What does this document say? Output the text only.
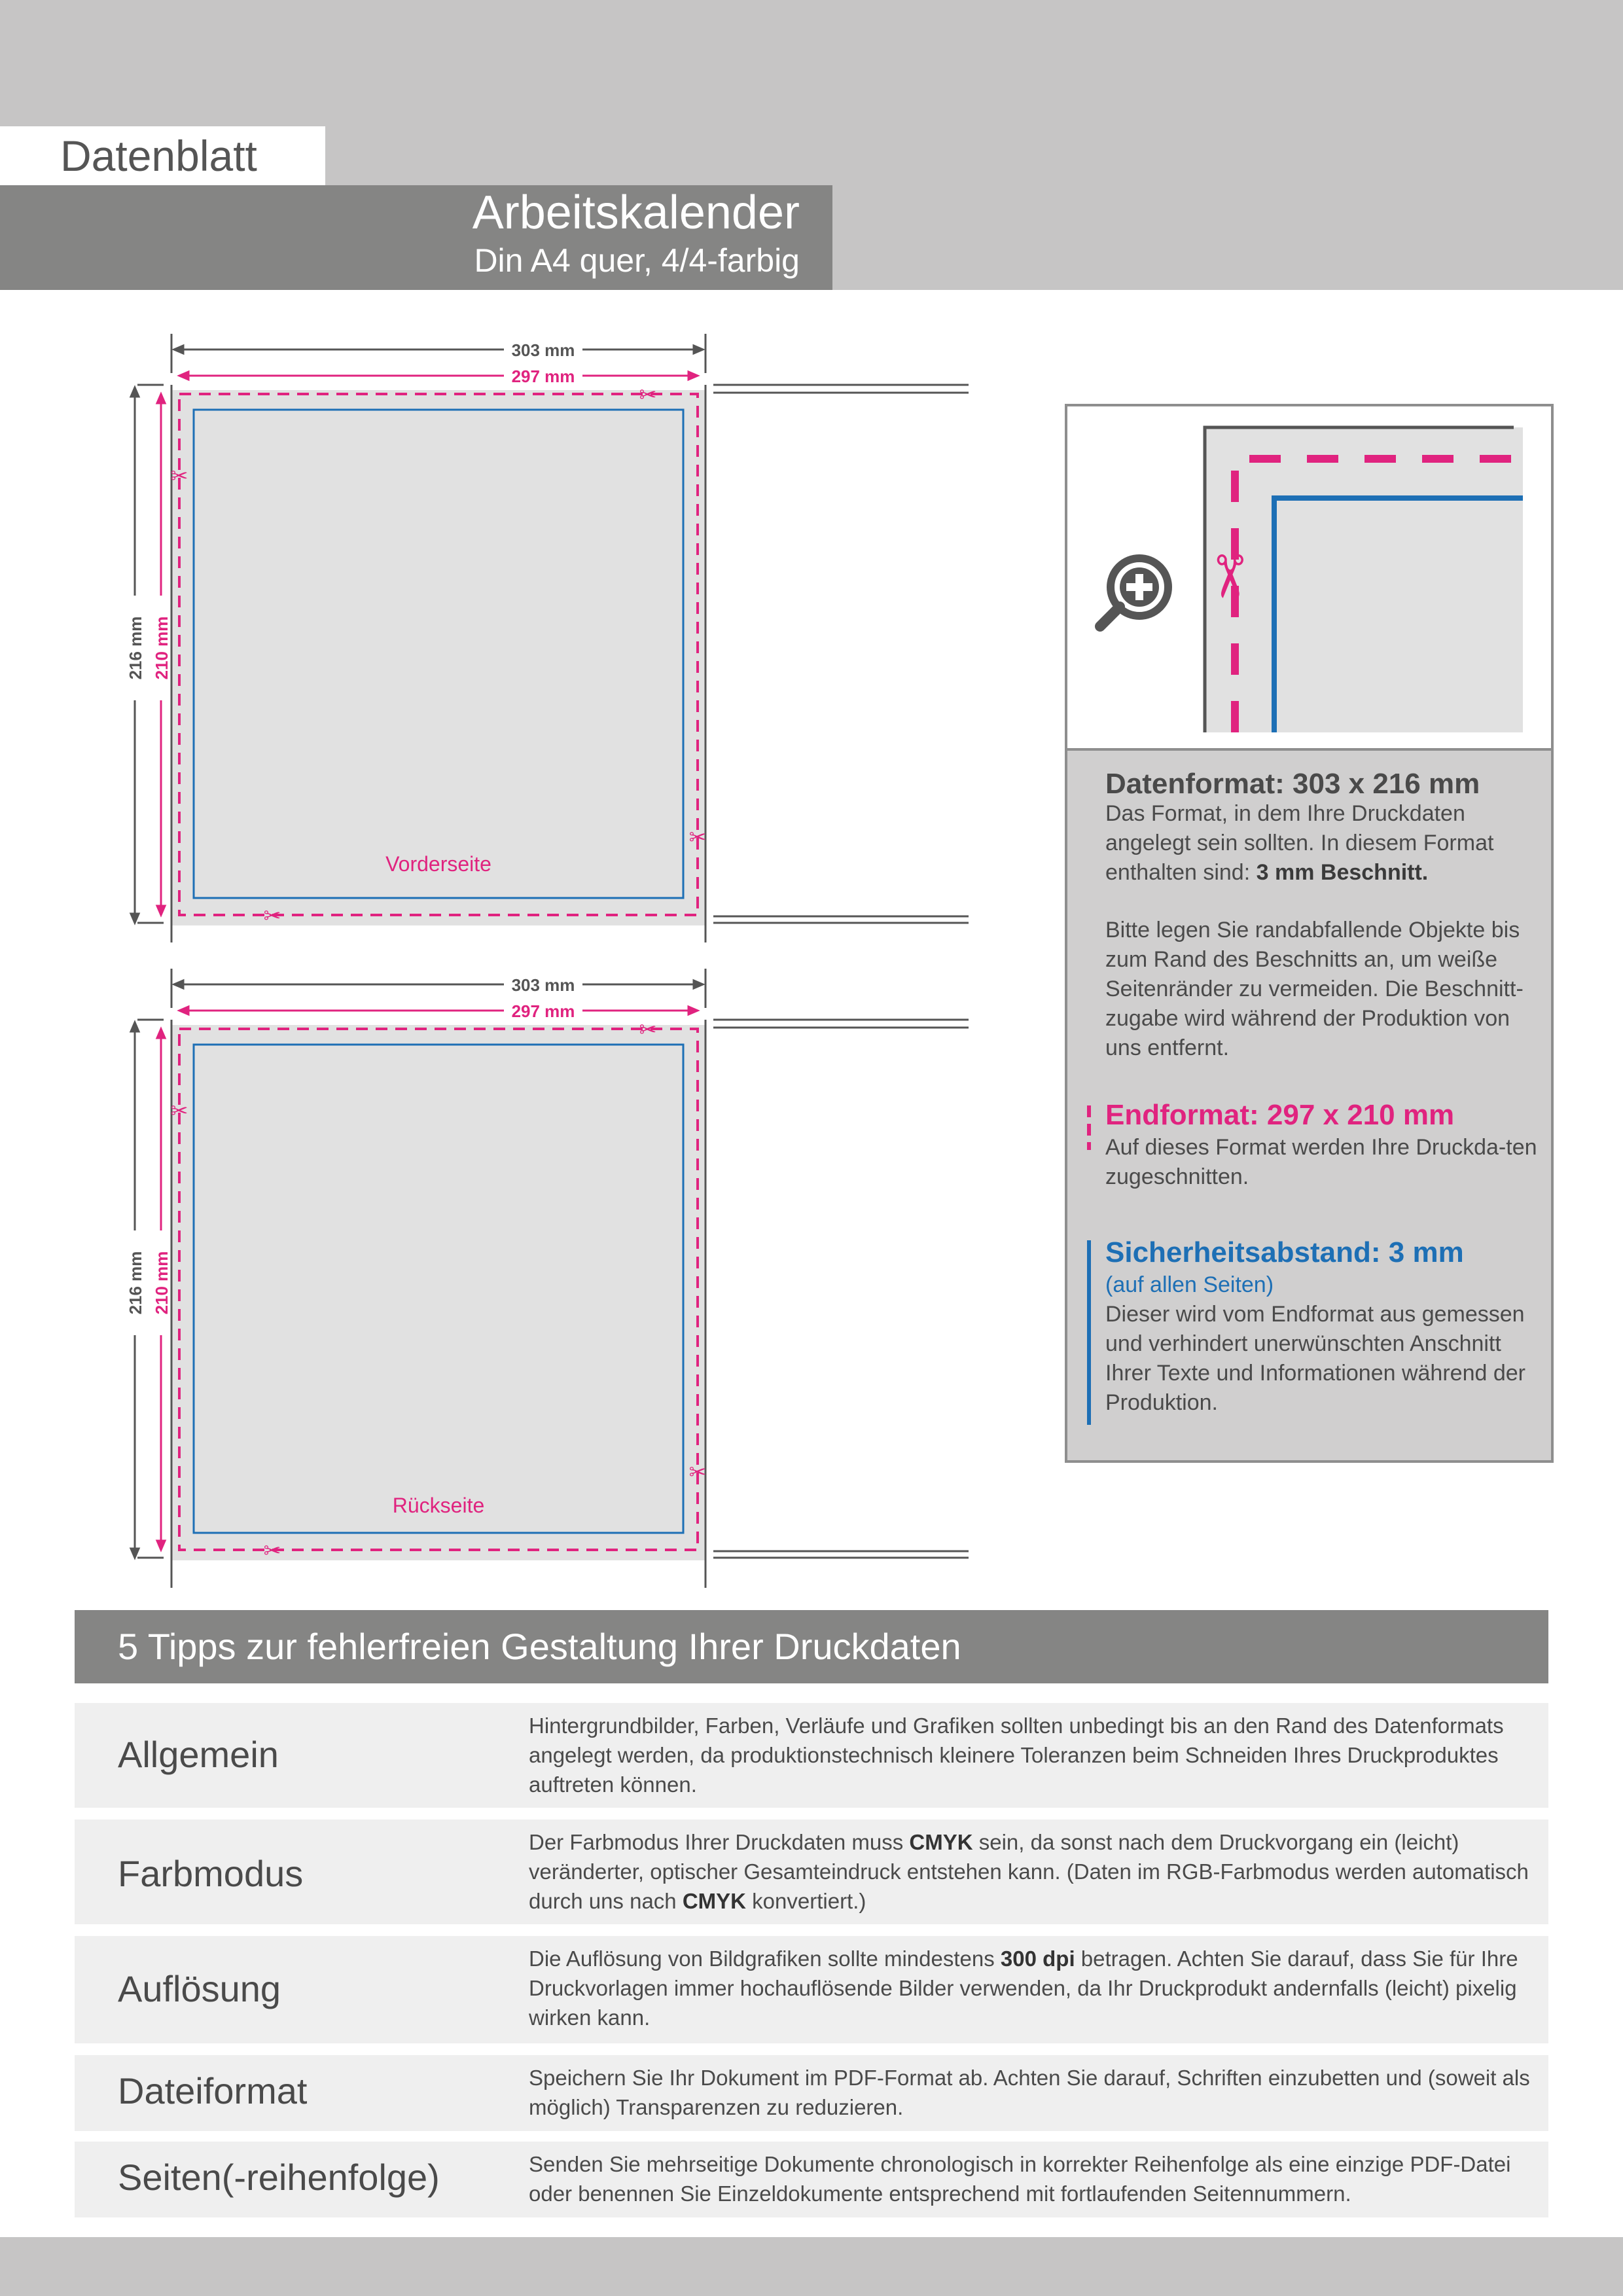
Datenblatt
Arbeitskalender
Din A4 quer, 4/4-farbig
303 mm
297 mm
216 mm 210 mm
✂
✂
✂
✂
Vorderseite
303 mm
297 mm
216 mm 210 mm
✂
✂
✂
✂
Rückseite
✂
Datenformat: 303 x 216 mm
Das Format, in dem Ihre Druckdaten angelegt sein sollten. In diesem Format enthalten sind: 3 mm Beschnitt.
Bitte legen Sie randabfallende Objekte bis zum Rand des Beschnitts an, um weiße Seitenränder zu vermeiden. Die Beschnitt-zugabe wird während der Produktion von uns entfernt.
Endformat: 297 x 210 mm
Auf dieses Format werden Ihre Druckda-ten zugeschnitten.
Sicherheitsabstand: 3 mm
(auf allen Seiten)
Dieser wird vom Endformat aus gemessen und verhindert unerwünschten Anschnitt Ihrer Texte und Informationen während der Produktion.
5 Tipps zur fehlerfreien Gestaltung Ihrer Druckdaten
Allgemein
Hintergrundbilder, Farben, Verläufe und Grafiken sollten unbedingt bis an den Rand des Datenformats angelegt werden, da produktionstechnisch kleinere Toleranzen beim Schneiden Ihres Druckproduktes auftreten können.
Farbmodus
Der Farbmodus Ihrer Druckdaten muss CMYK sein, da sonst nach dem Druckvorgang ein (leicht) veränderter, optischer Gesamteindruck entstehen kann. (Daten im RGB-Farbmodus werden automatisch durch uns nach CMYK konvertiert.)
Auflösung
Die Auflösung von Bildgrafiken sollte mindestens 300 dpi betragen. Achten Sie darauf, dass Sie für Ihre Druckvorlagen immer hochauflösende Bilder verwenden, da Ihr Druckprodukt andernfalls (leicht) pixelig wirken kann.
Dateiformat	Speichern Sie Ihr Dokument im PDF-Format ab. Achten Sie darauf, Schriften einzubetten und (soweit als möglich) Transparenzen zu reduzieren.
Seiten(-reihenfolge)	Senden Sie mehrseitige Dokumente chronologisch in korrekter Reihenfolge als eine einzige PDF-Datei oder benennen Sie Einzeldokumente entsprechend mit fortlaufenden Seitennummern.
